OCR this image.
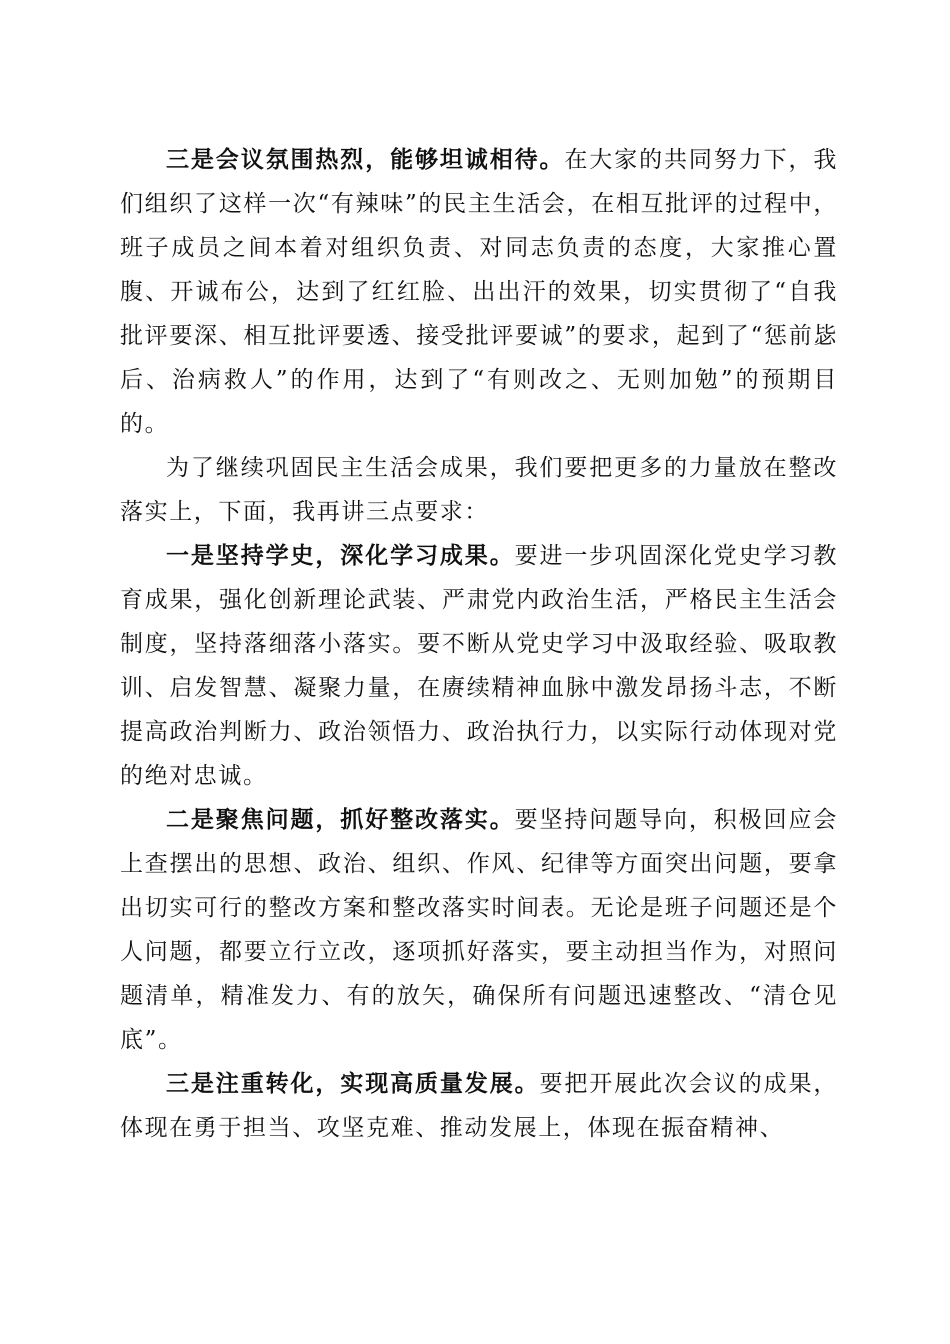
三是会议氛围热烈，能够坦诚相待。在大家的共同努力下，我们组织了这样一次“有辣味”的民主生活会，在相互批评的过程中，班子成员之间本着对组织负责、对同志负责的态度，大家推心置腹、开诚布公，达到了红红脸、出出汗的效果，切实贯彻了“自我批评要深、相互批评要透、接受批评要诚”的要求，起到了“惩前毖后、治病救人”的作用，达到了“有则改之、无则加勉”的预期目的。

为了继续巩固民主生活会成果，我们要把更多的力量放在整改落实上，下面，我再讲三点要求：

一是坚持学史，深化学习成果。要进一步巩固深化党史学习教育成果，强化创新理论武装、严肃党内政治生活，严格民主生活会制度，坚持落细落小落实。要不断从党史学习中汲取经验、吸取教训、启发智慧、凝聚力量，在赓续精神血脉中激发昂扬斗志，不断提高政治判断力、政治领悟力、政治执行力，以实际行动体现对党的绝对忠诚。

二是聚焦问题，抓好整改落实。要坚持问题导向，积极回应会上查摆出的思想、政治、组织、作风、纪律等方面突出问题，要拿出切实可行的整改方案和整改落实时间表。无论是班子问题还是个人问题，都要立行立改，逐项抓好落实，要主动担当作为，对照问题清单，精准发力、有的放矢，确保所有问题迅速整改、“清仓见底”。

三是注重转化，实现高质量发展。要把开展此次会议的成果，体现在勇于担当、攻坚克难、推动发展上，体现在振奋精神、
